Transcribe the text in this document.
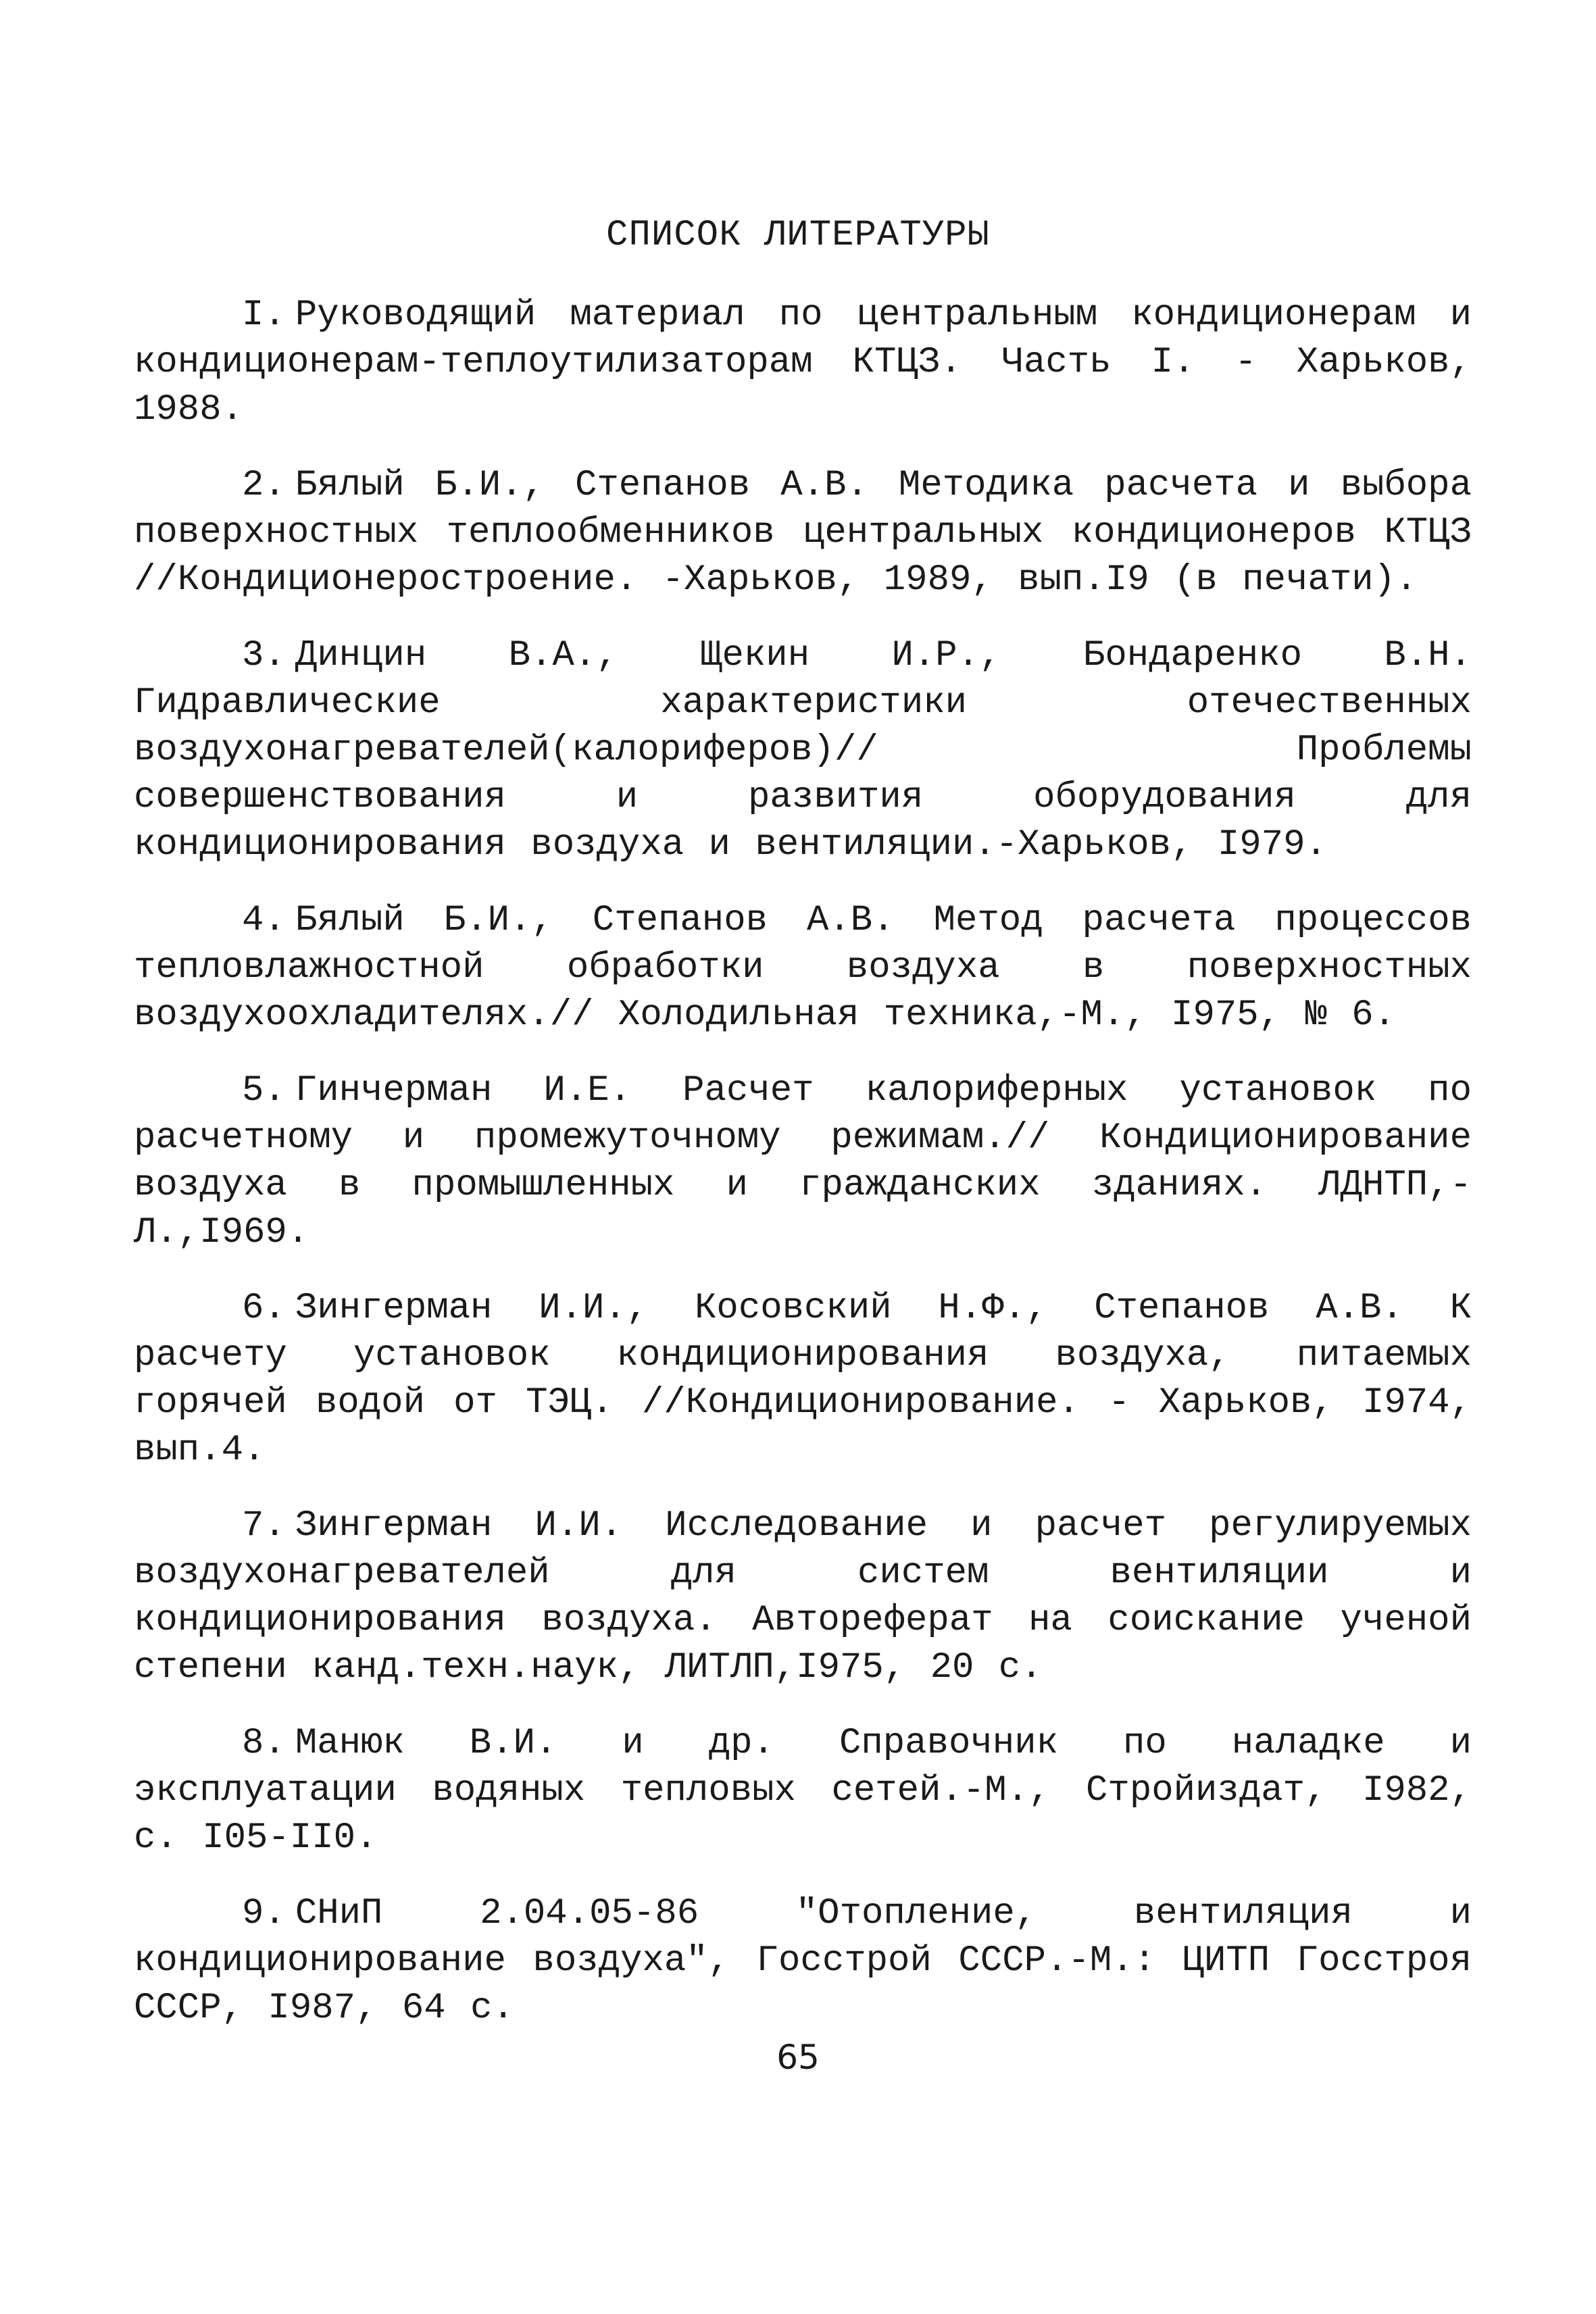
СПИСОК ЛИТЕРАТУРЫ
I. Руководящий материал по центральным кондиционерам и кондиционерам-теплоутилизаторам КТЦЗ. Часть I. - Харьков, 1988.
2. Бялый Б.И., Степанов А.В. Методика расчета и выбора поверхностных теплообменников центральных кондиционеров КТЦЗ //Кондиционеростроение. -Харьков, 1989, вып.I9 (в печати).
3. Динцин В.А., Щекин И.Р., Бондаренко В.Н. Гидравлические характеристики отечественных воздухонагревателей(калориферов)// Проблемы совершенствования и развития оборудования для кондиционирования воздуха и вентиляции.-Харьков, I979.
4. Бялый Б.И., Степанов А.В. Метод расчета процессов тепловлажностной обработки воздуха в поверхностных воздухоохладителях.// Холодильная техника,-М., I975, № 6.
5. Гинчерман И.Е. Расчет калориферных установок по расчетному и промежуточному режимам.// Кондиционирование воздуха в промышленных и гражданских зданиях. ЛДНТП,-Л.,I969.
6. Зингерман И.И., Косовский Н.Ф., Степанов А.В. К расчету установок кондиционирования воздуха, питаемых горячей водой от ТЭЦ. //Кондиционирование. - Харьков, I974, вып.4.
7. Зингерман И.И. Исследование и расчет регулируемых воздухонагревателей для систем вентиляции и кондиционирования воздуха. Автореферат на соискание ученой степени канд.техн.наук, ЛИТЛП,I975, 20 с.
8. Манюк В.И. и др. Справочник по наладке и эксплуатации водяных тепловых сетей.-М., Стройиздат, I982, с. I05-II0.
9. СНиП 2.04.05-86 "Отопление, вентиляция и кондиционирование воздуха", Госстрой СССР.-М.: ЦИТП Госстроя СССР, I987, 64 с.
65
